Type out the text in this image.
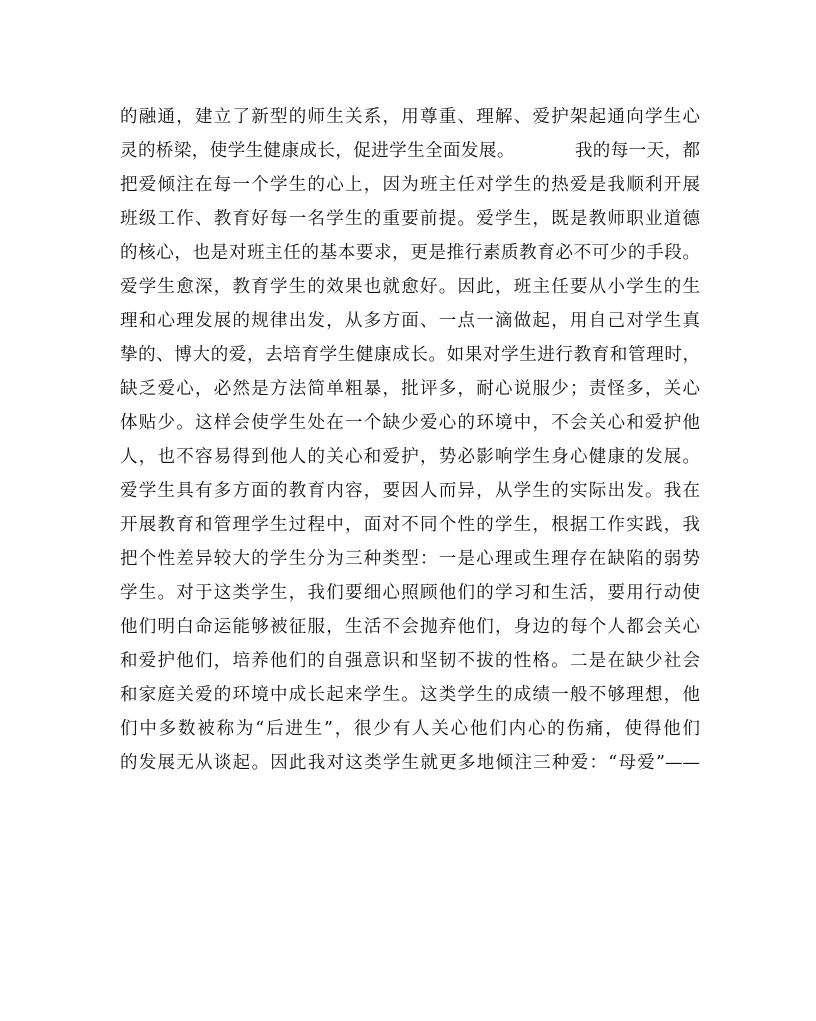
的融通，建立了新型的师生关系，用尊重、理解、爱护架起通向学生心
灵的桥梁，使学生健康成长，促进学生全面发展。          我的每一天，都
把爱倾注在每一个学生的心上，因为班主任对学生的热爱是我顺利开展
班级工作、教育好每一名学生的重要前提。爱学生，既是教师职业道德
的核心，也是对班主任的基本要求，更是推行素质教育必不可少的手段。
爱学生愈深，教育学生的效果也就愈好。因此，班主任要从小学生的生
理和心理发展的规律出发，从多方面、一点一滴做起，用自己对学生真
挚的、博大的爱，去培育学生健康成长。如果对学生进行教育和管理时，
缺乏爱心，必然是方法简单粗暴，批评多，耐心说服少；责怪多，关心
体贴少。这样会使学生处在一个缺少爱心的环境中，不会关心和爱护他
人，也不容易得到他人的关心和爱护，势必影响学生身心健康的发展。
爱学生具有多方面的教育内容，要因人而异，从学生的实际出发。我在
开展教育和管理学生过程中，面对不同个性的学生，根据工作实践，我
把个性差异较大的学生分为三种类型：一是心理或生理存在缺陷的弱势
学生。对于这类学生，我们要细心照顾他们的学习和生活，要用行动使
他们明白命运能够被征服，生活不会抛弃他们，身边的每个人都会关心
和爱护他们，培养他们的自强意识和坚韧不拔的性格。二是在缺少社会
和家庭关爱的环境中成长起来学生。这类学生的成绩一般不够理想，他
们中多数被称为“后进生”，很少有人关心他们内心的伤痛，使得他们
的发展无从谈起。因此我对这类学生就更多地倾注三种爱：“母爱”——
